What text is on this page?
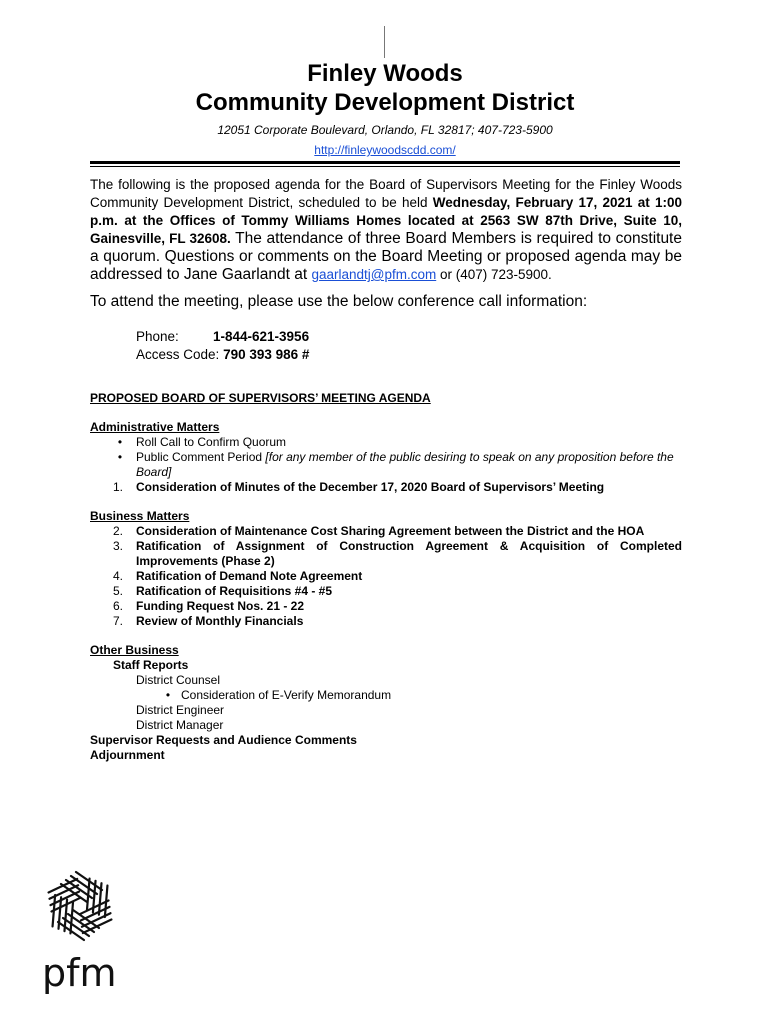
Finley Woods
Community Development District
12051 Corporate Boulevard, Orlando, FL 32817; 407-723-5900
http://finleywoodscdd.com/
The following is the proposed agenda for the Board of Supervisors Meeting for the Finley Woods Community Development District, scheduled to be held Wednesday, February 17, 2021 at 1:00 p.m. at the Offices of Tommy Williams Homes located at 2563 SW 87th Drive, Suite 10, Gainesville, FL 32608. The attendance of three Board Members is required to constitute a quorum. Questions or comments on the Board Meeting or proposed agenda may be addressed to Jane Gaarlandt at gaarlandtj@pfm.com or (407) 723-5900.
To attend the meeting, please use the below conference call information:
Phone:	1-844-621-3956
Access Code: 790 393 986 #
PROPOSED BOARD OF SUPERVISORS’ MEETING AGENDA
Administrative Matters
•	Roll Call to Confirm Quorum
•	Public Comment Period [for any member of the public desiring to speak on any proposition before the Board]
1. Consideration of Minutes of the December 17, 2020 Board of Supervisors’ Meeting
Business Matters
2. Consideration of Maintenance Cost Sharing Agreement between the District and the HOA
3. Ratification of Assignment of Construction Agreement & Acquisition of Completed Improvements (Phase 2)
4. Ratification of Demand Note Agreement
5. Ratification of Requisitions #4 - #5
6. Funding Request Nos. 21 - 22
7. Review of Monthly Financials
Other Business
Staff Reports
District Counsel
• Consideration of E-Verify Memorandum
District Engineer
District Manager
Supervisor Requests and Audience Comments
Adjournment
pfm
